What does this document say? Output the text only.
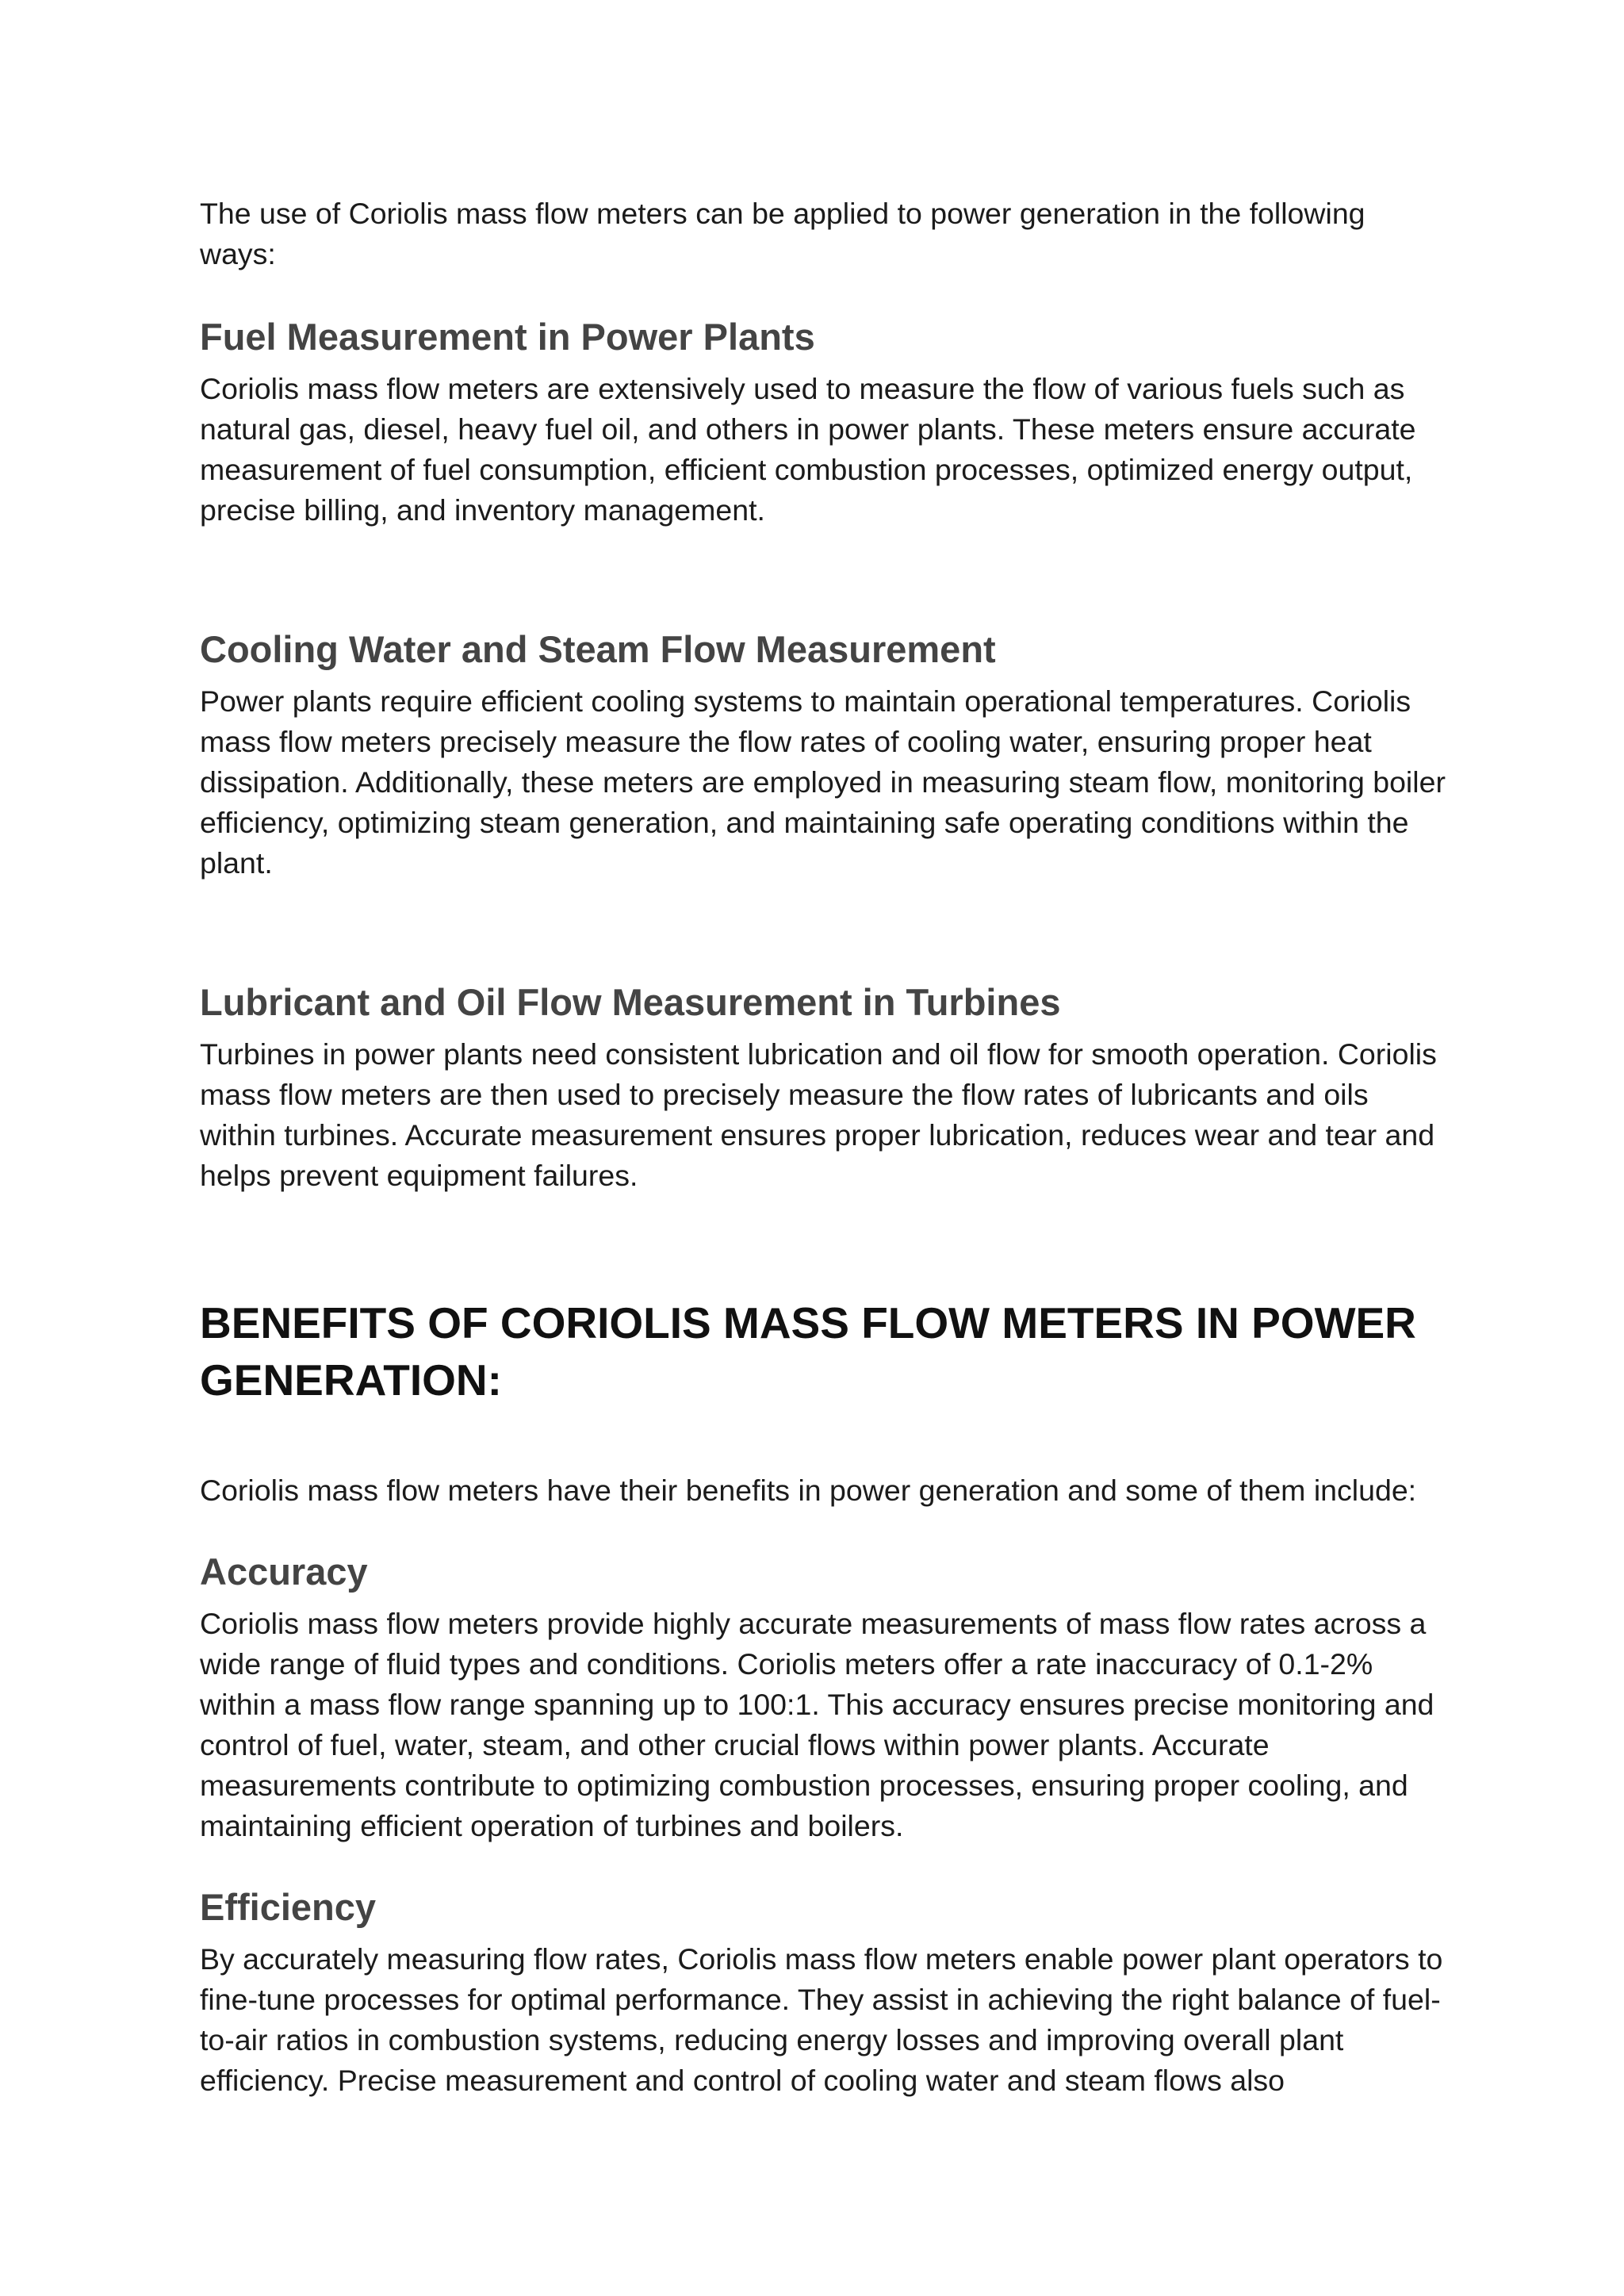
The use of Coriolis mass flow meters can be applied to power generation in the following ways:

Fuel Measurement in Power Plants

Coriolis mass flow meters are extensively used to measure the flow of various fuels such as natural gas, diesel, heavy fuel oil, and others in power plants. These meters ensure accurate measurement of fuel consumption, efficient combustion processes, optimized energy output, precise billing, and inventory management.

Cooling Water and Steam Flow Measurement

Power plants require efficient cooling systems to maintain operational temperatures. Coriolis mass flow meters precisely measure the flow rates of cooling water, ensuring proper heat dissipation. Additionally, these meters are employed in measuring steam flow, monitoring boiler efficiency, optimizing steam generation, and maintaining safe operating conditions within the plant.

Lubricant and Oil Flow Measurement in Turbines

Turbines in power plants need consistent lubrication and oil flow for smooth operation. Coriolis mass flow meters are then used to precisely measure the flow rates of lubricants and oils within turbines. Accurate measurement ensures proper lubrication, reduces wear and tear and helps prevent equipment failures.

BENEFITS OF CORIOLIS MASS FLOW METERS IN POWER GENERATION:

Coriolis mass flow meters have their benefits in power generation and some of them include:

Accuracy

Coriolis mass flow meters provide highly accurate measurements of mass flow rates across a wide range of fluid types and conditions. Coriolis meters offer a rate inaccuracy of 0.1-2% within a mass flow range spanning up to 100:1. This accuracy ensures precise monitoring and control of fuel, water, steam, and other crucial flows within power plants. Accurate measurements contribute to optimizing combustion processes, ensuring proper cooling, and maintaining efficient operation of turbines and boilers.

Efficiency

By accurately measuring flow rates, Coriolis mass flow meters enable power plant operators to fine-tune processes for optimal performance. They assist in achieving the right balance of fuel-to-air ratios in combustion systems, reducing energy losses and improving overall plant efficiency. Precise measurement and control of cooling water and steam flows also
